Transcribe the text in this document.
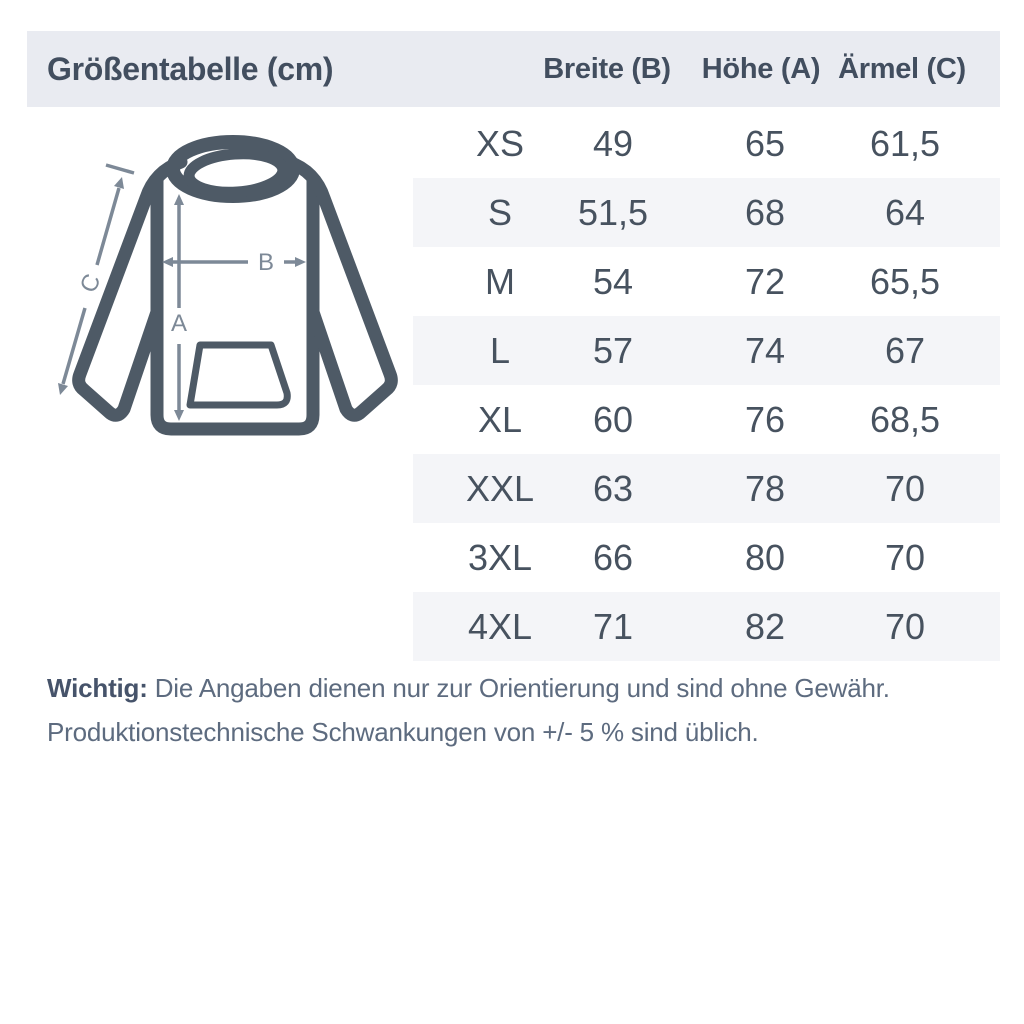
Größentabelle (cm)	Breite (B) Höhe (A) Ärmel (C)
A
B
C
XS 49	65 61,5
S 51,5	68	64
M 54	72 65,5
L 57	74	67
XL 60	76 68,5
XXL 63	78	70
3XL 66	80	70
4XL 71	82	70
Wichtig: Die Angaben dienen nur zur Orientierung und sind ohne Gewähr.
Produktionstechnische Schwankungen von +/- 5 % sind üblich.
